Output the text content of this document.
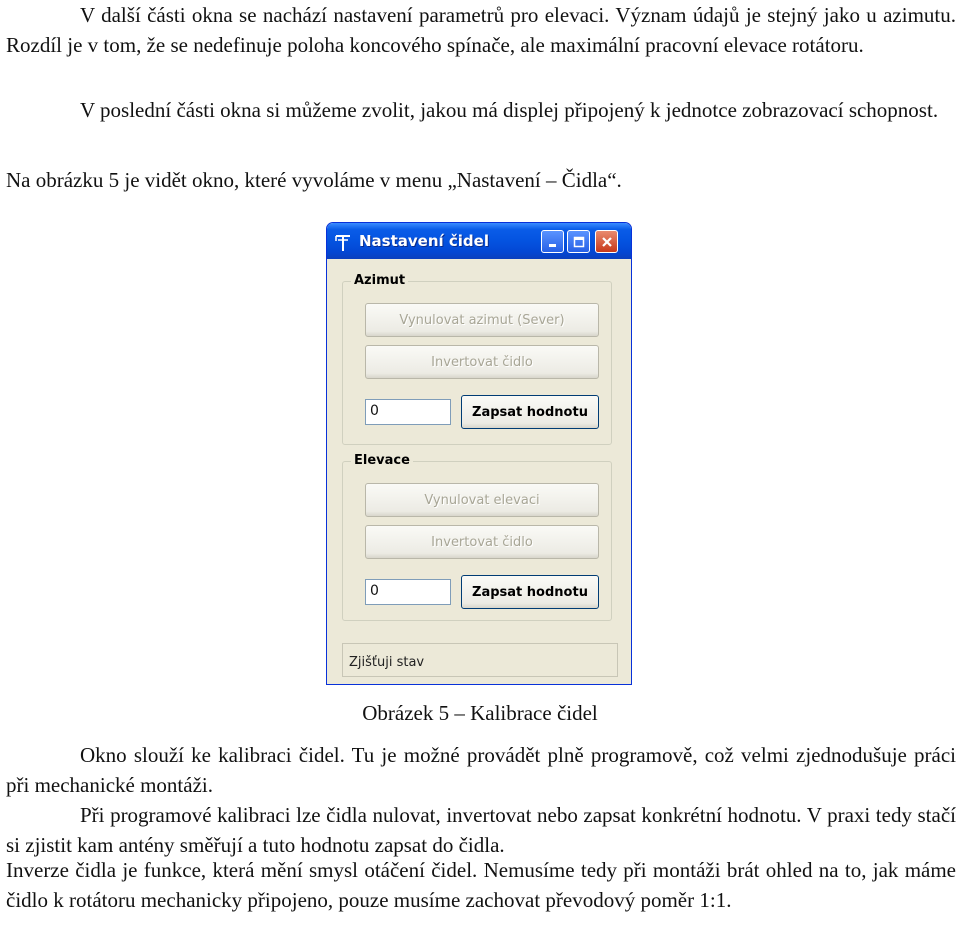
V další části okna se nachází nastavení parametrů pro elevaci. Význam údajů je stejný jako u azimutu. Rozdíl je v tom, že se nedefinuje poloha koncového spínače, ale maximální pracovní elevace rotátoru.

V poslední části okna si můžeme zvolit, jakou má displej připojený k jednotce zobrazovací schopnost.

Na obrázku 5 je vidět okno, které vyvoláme v menu „Nastavení – Čidla“.

Nastavení čidel
Azimut
Vynulovat azimut (Sever)
Invertovat čidlo
0	Zapsat hodnotu
Elevace
Vynulovat elevaci
Invertovat čidlo
0	Zapsat hodnotu
Zjišťuji stav
Obrázek 5 – Kalibrace čidel

Okno slouží ke kalibraci čidel. Tu je možné provádět plně programově, což velmi zjednodušuje práci při mechanické montáži.

Při programové kalibraci lze čidla nulovat, invertovat nebo zapsat konkrétní hodnotu. V praxi tedy stačí si zjistit kam antény směřují a tuto hodnotu zapsat do čidla.

Inverze čidla je funkce, která mění smysl otáčení čidel. Nemusíme tedy při montáži brát ohled na to, jak máme čidlo k rotátoru mechanicky připojeno, pouze musíme zachovat převodový poměr 1:1.
